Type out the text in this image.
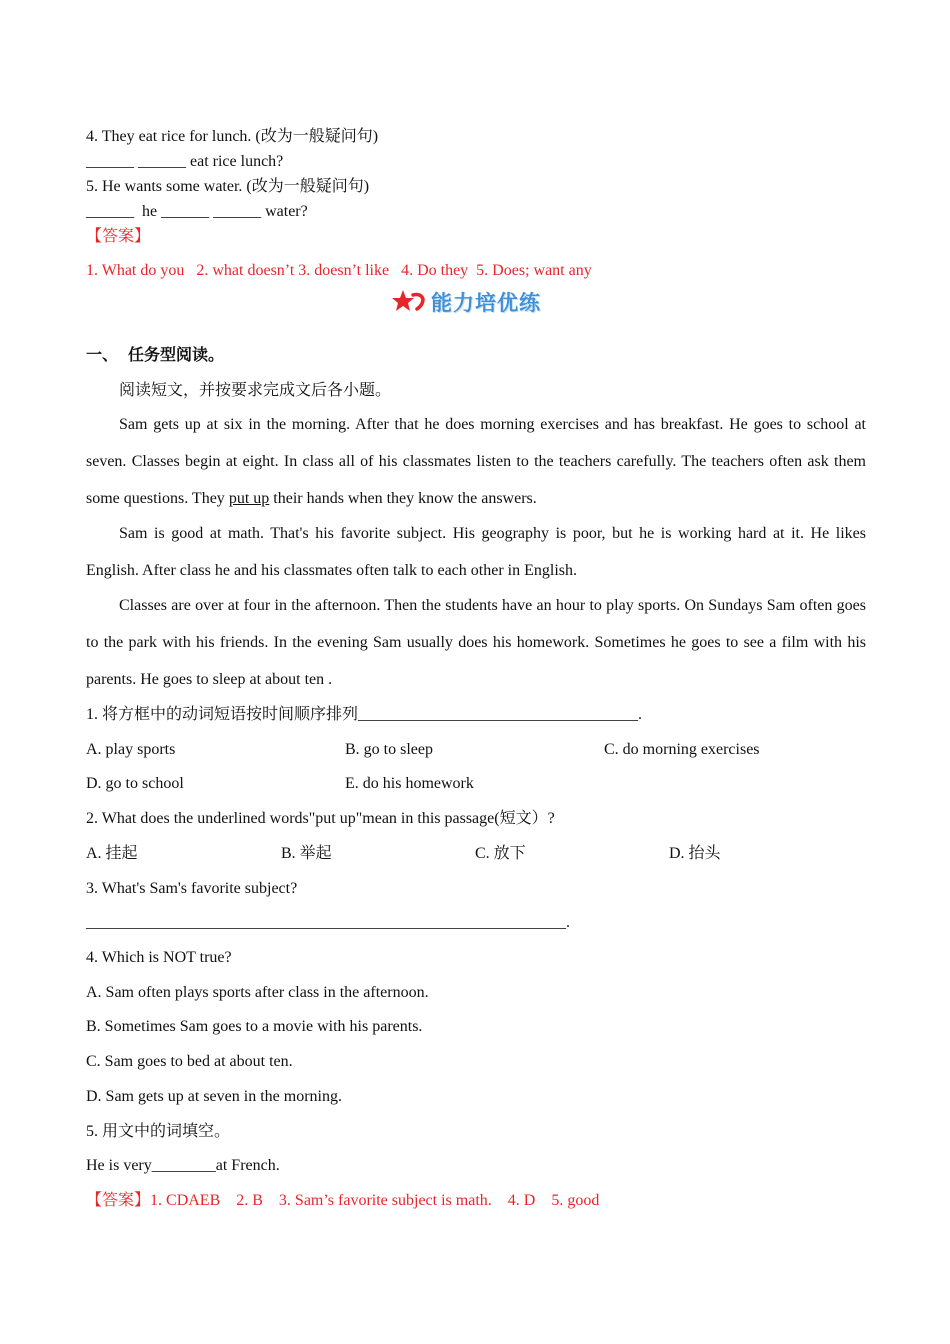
4. They eat rice for lunch. (改为一般疑问句)
______ ______ eat rice lunch?
5. He wants some water. (改为一般疑问句)
______  he ______ ______ water?
【答案】
1. What do you   2. what doesn’t 3. doesn’t like   4. Do they  5. Does; want any
一、 任务型阅读。
阅读短文，并按要求完成文后各小题。
Sam gets up at six in the morning. After that he does morning exercises and has breakfast. He goes to school at seven. Classes begin at eight. In class all of his classmates listen to the teachers carefully. The teachers often ask them some questions. They put up their hands when they know the answers.
Sam is good at math. That's his favorite subject. His geography is poor, but he is working hard at it. He likes English. After class he and his classmates often talk to each other in English.
Classes are over at four in the afternoon. Then the students have an hour to play sports. On Sundays Sam often goes to the park with his friends. In the evening Sam usually does his homework. Sometimes he goes to see a film with his parents. He goes to sleep at about ten .
1. 将方框中的动词短语按时间顺序排列___________________________________.
A. play sports	B. go to sleep	C. do morning exercises
D. go to school	E. do his homework
2. What does the underlined words"put up"mean in this passage(短文）?
A. 挂起	B. 举起	C. 放下	D. 抬头
3. What's Sam's favorite subject?
____________________________________________________________.
4. Which is NOT true?
A. Sam often plays sports after class in the afternoon.
B. Sometimes Sam goes to a movie with his parents.
C. Sam goes to bed at about ten.
D. Sam gets up at seven in the morning.
5. 用文中的词填空。
He is very________at French.
【答案】1. CDAEB    2. B    3. Sam’s favorite subject is math.    4. D    5. good
能力培优练
